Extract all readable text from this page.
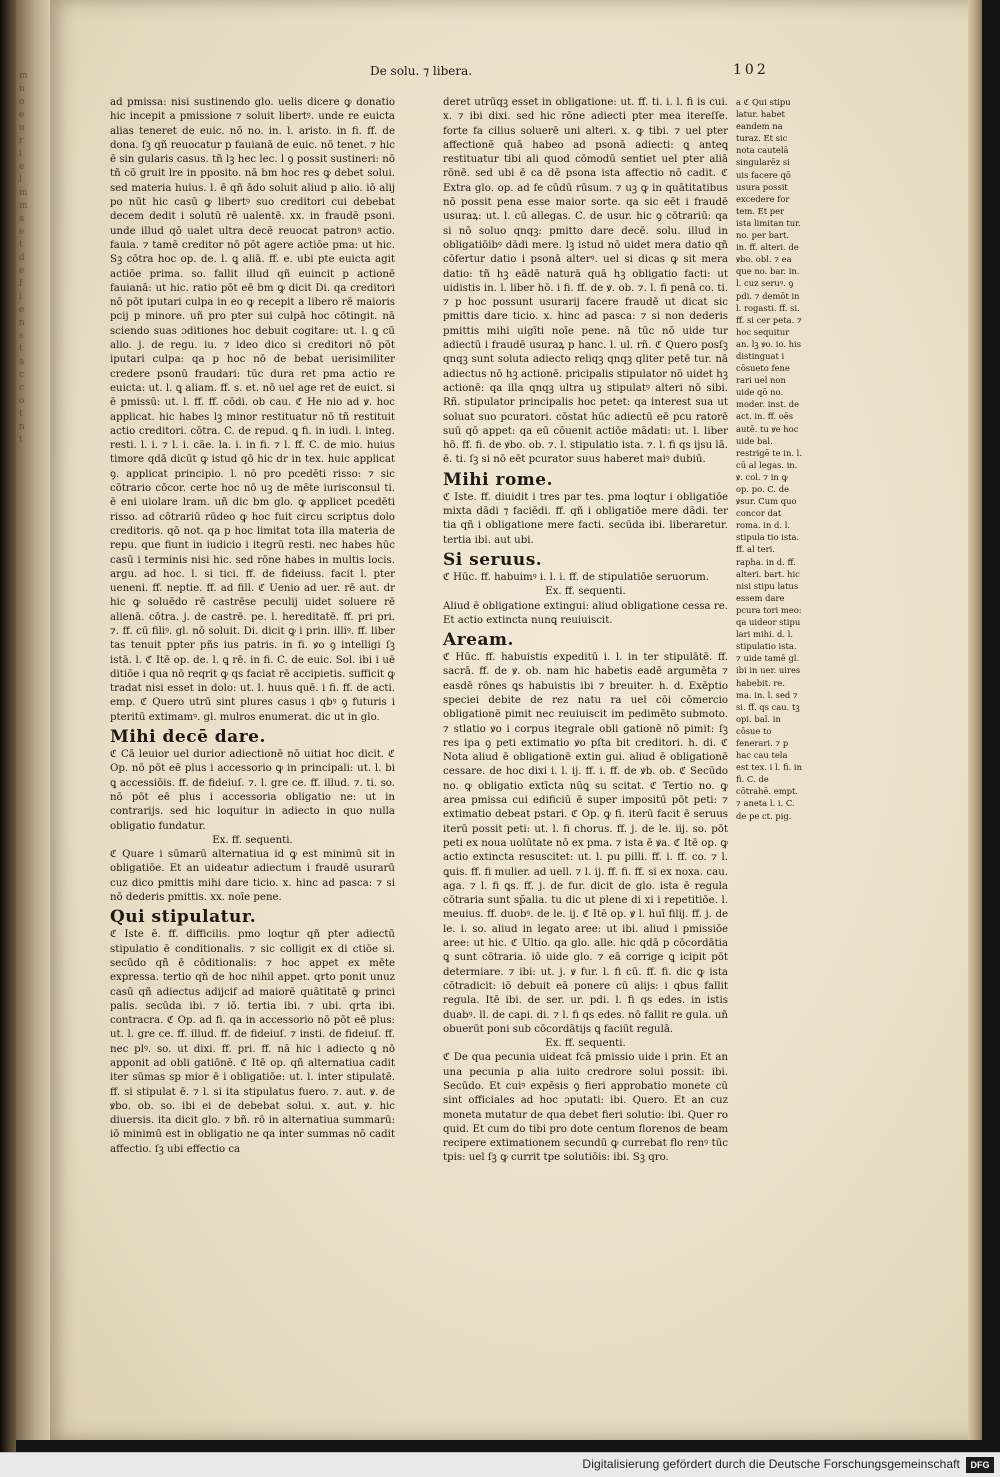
m
n
o
e
u
r
i
e
l
m
m
a
e
t
d
e
f
i
e
n
s
t
a
c
c
o
t
n
t
De solu. ⁊ libera.	102

ad pmissa: nisi sustinendo glo. uelis dicere ꝙ donatio hic incepit a pmissione ⁊ soluit libertꝰ. unde re euicta alias teneret de euic. nō no. in. l. aristo. in fi. ff. de dona. ſꝫ qñ reuocatur p fauianā de euic. nō tenet. ⁊ hic ē sin gularis casus. tñ lꝫ hec lec. l ꝯ possit sustineri: nō tñ cō gruit lre in pposito. nā bm hoc res ꝙ debet solui. sed materia huius. l. ē qñ ādo soluit aliud p alio. iō alij po nūt hic casū ꝙ libertꝰ suo creditori cui debebat decem dedit i solutū rē ualentē. xx. in fraudē psoni. unde illud qō ualet ultra decē reuocat patronꝰ actio. fauia. ⁊ tamē creditor nō pōt agere actiōe pma: ut hic. Sꝫ cōtra hoc op. de. l. ꝗ aliā. ff. e. ubi pte euicta agit actiōe prima. so. fallit illud qñ euincit p actionē fauianā: ut hic. ratio pōt eē bm ꝙ dicit Di. qa creditori nō pōt iputari culpa in eo ꝙ recepit a libero rē maioris pcij p minore. uñ pro pter sui culpā hoc cōtingit. nā sciendo suas ɔditiones hoc debuit cogitare: ut. l. ꝗ cū alio. j. de regu. iu. ⁊ ideo dico si creditori nō pōt iputari culpa: qa p hoc nō de bebat uerisimiliter credere psonū fraudari: tūc dura ret pma actio re euicta: ut. l. ꝗ aliam. ff. s. et. nō uel age ret de euict. si ē pmissū: ut. l. ff. ff. cōdi. ob cau. ℭ He nio ad ꝟ. hoc applicat. hic habes lꝫ minor restituatur nō tñ restituit actio creditori. cōtra. C. de repud. ꝗ fi. in iudi. l. integ. resti. l. i. ⁊ l. i. cāe. la. i. in fi. ⁊ l. ff. C. de mio. huius timore qdā dicūt ꝙ istud qō hic dr in tex. huic applicat ꝯ. applicat principio. l. nō pro pcedēti risso: ⁊ sic cōtrario cōcor. certe hoc nō uꝫ de mēte iurisconsul ti. ē eni uiolare lram. uñ dic bm glo. ꝙ applicet pcedēti risso. ad cōtrariū rūdeo ꝙ hoc fuit circu scriptus dolo creditoris. qō not. qa p hoc limitat tota illa materia de repu. que fiunt in iudicio i itegrū resti. nec habes hūc casū i terminis nisi hic. sed rōne habes in multis locis. argu. ad hoc. l. si tici. ff. de fideiuss. facit l. pter ueneni. ff. neptie. ff. ad fill. ℭ Uenio ad uer. rē aut. dr hic ꝙ soluēdo rē castrēse peculij uidet soluere rē alienā. cōtra. j. de castrē. pe. l. hereditatē. ff. pri pri. ⁊. ff. cū filiꝰ. gl. nō soluit. Di. dicit ꝙ i prin. illiꝰ. ff. liber tas tenuit ppter pñs ius patris. in fi. ꝟo ꝯ intelligi ſꝫ istā. l. ℭ Itē op. de. l. ꝗ rē. in fi. C. de euic. Sol. ibi i uē ditiōe i qua nō reqrit ꝙ qs faciat rē accipietis. sufficit ꝙ tradat nisi esset in dolo: ut. l. huus quē. i fi. ff. de acti. emp. ℭ Quero utrū sint plures casus i qbꝰ ꝯ futuris i pteritū extimamꝰ. gl. mulros enumerat. dic ut in glo.

Mihi decē dare.

ℭ Cā leuior uel durior adiectionē nō uitiat hoc dicit. ℭ Op. nō pōt eē plus i accessorio ꝙ in principali: ut. l. bi ꝗ accessiōis. ff. de fideiuſ. ⁊. l. gre ce. ff. illud. ⁊. ti. so. nō pōt eē plus i accessoria obligatio ne: ut in contrarijs. sed hic loquitur in adiecto in quo nulla obligatio fundatur.

Ex. ff. sequenti.

ℭ Quare i sūmarū alternatiua id ꝙ est minimū sit in obligatiōe. Et an uideatur adiectum i fraudē usurarū cuz dico pmittis mihi dare ticio. x. hinc ad pasca: ⁊ si nō dederis pmittis. xx. noīe pene.

Qui stipulatur.

ℭ Iste ē. ff. difficilis. pmo loqtur qñ pter adiectū stipulatio ē conditionalis. ⁊ sic colligit ex di ctiōe si. secūdo qñ ē cōditionalis: ⁊ hoc appet ex mēte expressa. tertio qñ de hoc nihil appet. qrto ponit unuz casū qñ adiectus adijcif ad maiorē quātitatē ꝙ princi palis. secūda ibi. ⁊ iō. tertia ibi. ⁊ ubi. qrta ibi. contracra. ℭ Op. ad fi. qa in accessorio nō pōt eē plus: ut. l. gre ce. ff. illud. ff. de fideiuſ. ⁊ insti. de fideiuſ. ff. nec plꝰ. so. ut dixi. ff. pri. ff. nā hic i adiecto ꝗ nō apponit ad obli gatiōnē. ℭ Itē op. qñ alternatiua cadit iter sūmas sp mior ē i obligatiōe: ut. l. inter stipulatē. ff. si stipulat ē. ⁊ l. si ita stipulatus fuero. ⁊. aut. ꝟ. de ꝟbo. ob. so. ibi ei de debebat solui. x. aut. ꝟ. hic diuersis. ita dicit glo. ⁊ bñ. rō in alternatiua summarū: iō minimū est in obligatio ne qa inter summas nō cadit affectio. ſꝫ ubi effectio ca

deret utrūqꝫ esset in obligatione: ut. ff. ti. i. l. fi is cui. x. ⁊ ibi dixi. sed hic rōne adiecti pter mea itereſſe. forte fa cilius soluerē uni alteri. x. ꝙ tibi. ⁊ uel pter affectionē quā habeo ad psonā adiecti: ꝗ anteꝗ restituatur tibi ali quod cōmodū sentiet uel pter aliā rōnē. sed ubi ē ca dē psona ista affectio nō cadit. ℭ Extra glo. op. ad fe cūdū rūsum. ⁊ uꝫ ꝙ in quātitatibus nō possit pena esse maior sorte. qa sic eēt i fraudē usuraꝝ: ut. l. cū allegas. C. de usur. hic ꝯ cōtrariū: qa si nō soluo qnqꝫ: pmitto dare decē. solu. illud in obligatiōibꝰ dādi mere. lꝫ istud nō uidet mera datio qñ cōfertur datio i psonā alterꝰ. uel si dicas ꝙ sit mera datio: tñ hꝫ eādē naturā quā hꝫ obligatio facti: ut uidistis in. l. liber hō. i fi. ff. de ꝟ. ob. ⁊. l. fi penā co. ti. ⁊ p hoc possunt usurarij facere fraudē ut dicat sic pmittis dare ticio. x. hinc ad pasca: ⁊ si non dederis pmittis mihi uigīti noīe pene. nā tūc nō uide tur adiectū i fraudē usuraꝝ p hanc. l. ul. rñ. ℭ Quero posſꝫ qnqꝫ sunt soluta adiecto reliqꝫ qnqꝫ qliter petē tur. nā adiectus nō hꝫ actionē. pricipalis stipulator nō uidet hꝫ actionē: qa illa qnqꝫ ultra uꝫ stipulatꝰ alteri nō sibi. Rñ. stipulator principalis hoc petet: qa interest sua ut soluat suo pcuratori. cōstat hūc adiectū eē pcu ratorē suū qō appet: qa eū cōuenit actiōe mādati: ut. l. liber hō. ff. fi. de ꝟbo. ob. ⁊. l. stipulatio ista. ⁊. l. fi qs ijsu lā. ē. ti. ſꝫ si nō eēt pcurator suus haberet maiꝰ dubiū.

Mihi rome.

ℭ Iste. ff. diuidit i tres par tes. pma loqtur i obligatiōe mixta dādi ⁊ faciēdi. ff. qñ i obligatiōe mere dādi. ter tia qñ i obligatione mere facti. secūda ibi. liberaretur. tertia ibi. aut ubi.

Si seruus.

ℭ Hūc. ff. habuimꝰ i. l. i. ff. de stipulatiōe seruorum.

Ex. ff. sequenti.

Aliud ē obligatione extingui: aliud obligatione cessa re. Et actio extincta nunꝗ reuiuiscit.

Aream.

ℭ Hūc. ff. habuistis expeditū i. l. in ter stipulātē. ff. sacrā. ff. de ꝟ. ob. nam hic habetis eadē argumēta ⁊ easdē rōnes ꝗs habuistis ibi ⁊ breuiter. h. d. Exēptio speciei debite de rez natu ra uel cōi cōmercio obligationē pimit nec reuiuiscit im pedimēto submoto. ⁊ stlatio ꝟo i corpus itegrale obli gationē nō pimit: ſꝫ res ipa ꝯ peti extimatio ꝟo pſta bit creditori. h. di. ℭ Nota aliud ē obligationē extin gui. aliud ē obligationē cessare. de hoc dixi i. l. ij. ff. i. ff. de ꝟb. ob. ℭ Secūdo no. ꝙ obligatio extīcta nūꝗ su scitat. ℭ Tertio no. ꝙ area pmissa cui edificiū ē super impositū pōt peti: ⁊ extimatio debeat pstari. ℭ Op. ꝙ fi. iterū facit ē seruus iterū possit peti: ut. l. fi chorus. ff. j. de le. iij. so. pōt peti ex noua uolūtate nō ex pma. ⁊ ista ē ꝟa. ℭ Itē op. ꝙ actio extincta resuscitet: ut. l. pu pilli. ff. i. ff. co. ⁊ l. ꝗuis. ff. fi mulier. ad uell. ⁊ l. ij. ff. fi. ff. si ex noxa. cau. aga. ⁊ l. fi ꝗs. ff. j. de fur. dicit de glo. ista ē regula cōtraria sunt sp̄alia. tu dic ut plene di xi i repetitiōe. l. meuius. ff. duobꝰ. de le. ij. ℭ Itē op. ꝟ l. huī filij. ff. j. de le. i. so. aliud in legato aree: ut ibi. aliud i pmissiōe aree: ut hic. ℭ Ultio. qa glo. alle. hic qdā p cōcordātia ꝗ sunt cōtraria. iō uide glo. ⁊ eā corrige ꝗ icipit pōt determiare. ⁊ ibi: ut. j. ꝟ fur. l. fi cū. ff. fi. dic ꝙ ista cōtradicit: iō debuit eā ponere cū alijs: i qbus fallit regula. Itē ibi. de ser. ur. pdi. l. fi qs edes. in istis duabꝰ. ll. de capi. di. ⁊ l. fi qs edes. nō fallit re gula. uñ obuerūt poni sub cōcordātijs ꝗ faciūt regulā.

Ex. ff. sequenti.

ℭ De qua pecunia uideat fcā pmissio uide i prin. Et an una pecunia p alia iuito credrore solui possit: ibi. Secūdo. Et cuiꝰ expēsis ꝯ fieri approbatio monete cū sint officiales ad hoc ɔputati: ibi. Quero. Et an cuz moneta mutatur de qua debet fieri solutio: ibi. Quer ro quid. Et cum do tibi pro dote centum florenos de beam recipere extimationem secundū ꝙ currebat flo renꝰ tūc tpis: uel ſꝫ ꝙ currit tpe solutiōis: ibi. Sꝫ qro.

a ℭ Qui stipu latur. habet eandem na turaz. Et sic nota cautelā singularēz si uis facere qō usura possit excedere for tem. Et per ista limitan tur. no. per bart. in. ff. alteri. de ꝟbo. obl. ⁊ ea que no. bar. in. l. cuz seruꝰ. ꝯ pdi. ⁊ demōt in l. rogasti. ff. si. ff. si cer peta. ⁊ hoc sequitur an. lꝫ ꝟo. io. his distinguat i cōsueto fene rari uel non uide qō no. moder. inst. de act. in. ff. oēs autē. tu ꝟe hoc uide bal. restrigē te in. l. cū al legas. in. ꝟ. col. ⁊ in ꝙ op. po. C. de ꝟsur. Cum quo concor dat roma. in d. l. stipula tio ista. ff. al teri. rapha. in d. ff. alteri. bart. hic nisi stipu latus essem dare pcura tori meo: qa uideor stipu lari mihi. d. l. stipulatio ista. ⁊ uide tamē gl. ibi in uer. uires habebit. re. ma. in. l. sed ⁊ si. ff. qs cau. tꝫ opi. bal. in cōsue to fenerari. ⁊ p hac cau tela est tex. i l. fi. in fi. C. de cōtrahē. empt. ⁊ aneta l. i. C. de pe ct. pig.

Digitalisierung gefördert durch die Deutsche Forschungsgemeinschaft	DFG
